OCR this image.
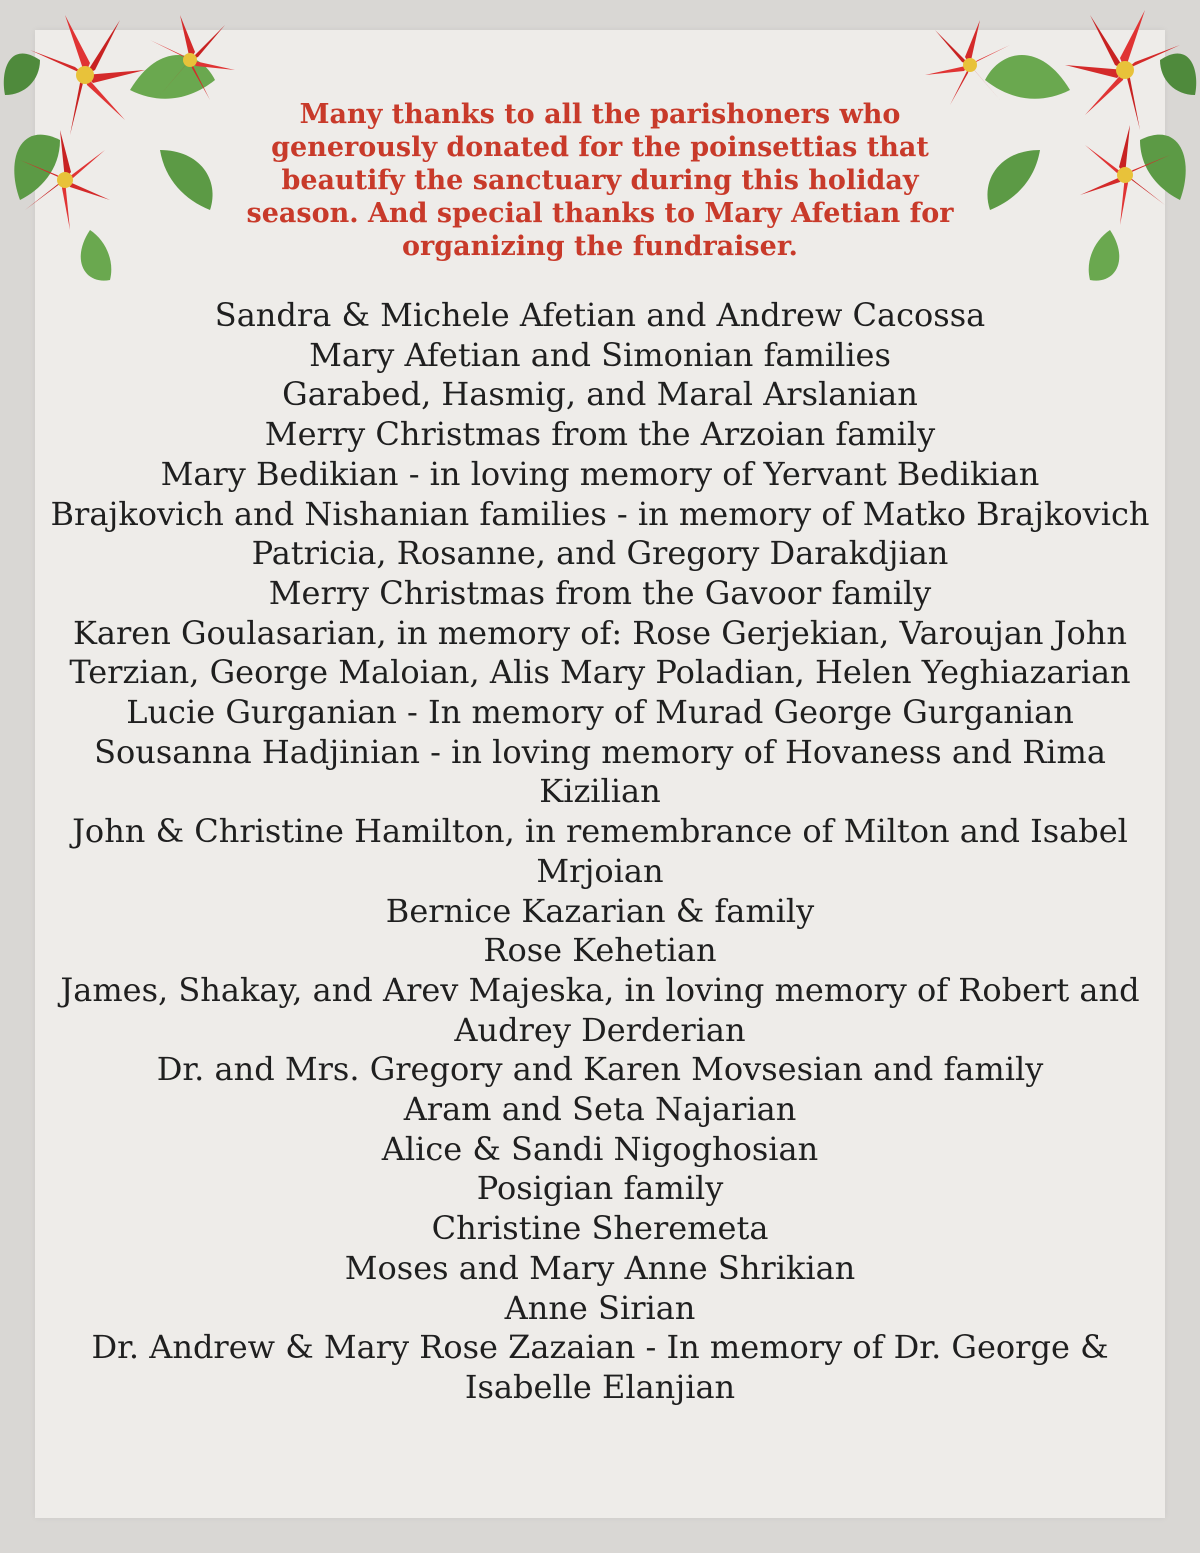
Many thanks to all the parishoners who generously donated for the poinsettias that beautify the sanctuary during this holiday season. And special thanks to Mary Afetian for organizing the fundraiser.

Sandra & Michele Afetian and Andrew Cacossa
Mary Afetian and Simonian families
Garabed, Hasmig, and Maral Arslanian
Merry Christmas from the Arzoian family
Mary Bedikian - in loving memory of Yervant Bedikian
Brajkovich and Nishanian families - in memory of Matko Brajkovich
Patricia, Rosanne, and Gregory Darakdjian
Merry Christmas from the Gavoor family
Karen Goulasarian, in memory of: Rose Gerjekian, Varoujan John Terzian, George Maloian, Alis Mary Poladian, Helen Yeghiazarian
Lucie Gurganian - In memory of Murad George Gurganian
Sousanna Hadjinian - in loving memory of Hovaness and Rima Kizilian
John & Christine Hamilton, in remembrance of Milton and Isabel Mrjoian
Bernice Kazarian & family
Rose Kehetian
James, Shakay, and Arev Majeska, in loving memory of Robert and Audrey Derderian
Dr. and Mrs. Gregory and Karen Movsesian and family
Aram and Seta Najarian
Alice & Sandi Nigoghosian
Posigian family
Christine Sheremeta
Moses and Mary Anne Shrikian
Anne Sirian
Dr. Andrew & Mary Rose Zazaian - In memory of Dr. George & Isabelle Elanjian
